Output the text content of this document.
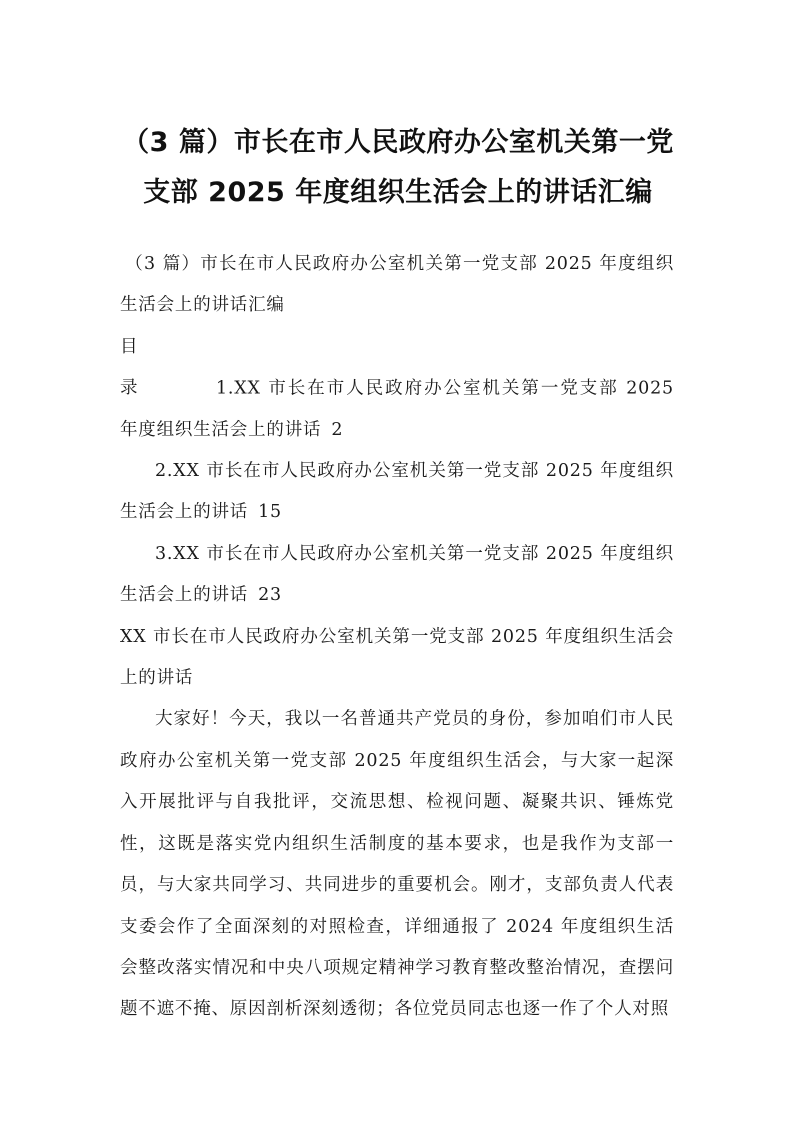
（3 篇）市长在市人民政府办公室机关第一党支部 2025 年度组织生活会上的讲话汇编

（3 篇）市长在市人民政府办公室机关第一党支部 2025 年度组织生活会上的讲话汇编

目 录	1.XX 市长在市人民政府办公室机关第一党支部 2025 年度组织生活会上的讲话 2

2.XX 市长在市人民政府办公室机关第一党支部 2025 年度组织生活会上的讲话 15

3.XX 市长在市人民政府办公室机关第一党支部 2025 年度组织生活会上的讲话 23

XX 市长在市人民政府办公室机关第一党支部 2025 年度组织生活会上的讲话

大家好！今天，我以一名普通共产党员的身份，参加咱们市人民政府办公室机关第一党支部 2025 年度组织生活会，与大家一起深入开展批评与自我批评，交流思想、检视问题、凝聚共识、锤炼党性，这既是落实党内组织生活制度的基本要求，也是我作为支部一员，与大家共同学习、共同进步的重要机会。刚才，支部负责人代表支委会作了全面深刻的对照检查，详细通报了 2024 年度组织生活会整改落实情况和中央八项规定精神学习教育整改整治情况，查摆问题不遮不掩、原因剖析深刻透彻；各位党员同志也逐一作了个人对照
